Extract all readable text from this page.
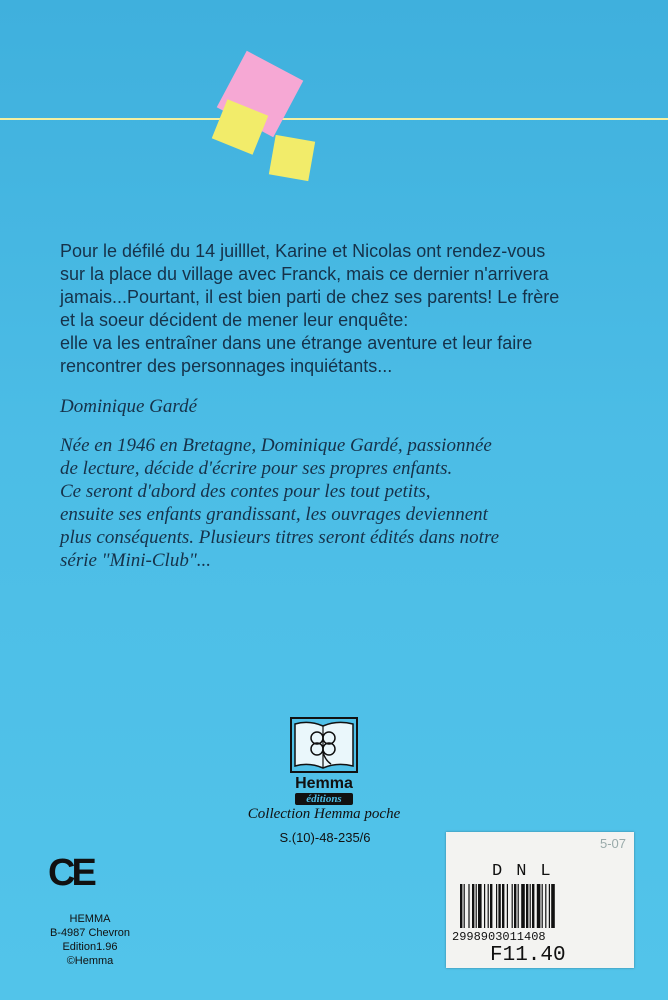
Pour le défilé du 14 juilllet, Karine et Nicolas ont rendez-vous

sur la place du village avec Franck, mais ce dernier n'arrivera

jamais...Pourtant, il est bien parti de chez ses parents! Le frère

et la soeur décident de mener leur enquête:

elle va les entraîner dans une étrange aventure et leur faire

rencontrer des personnages inquiétants...

Dominique Gardé

Née en 1946 en Bretagne, Dominique Gardé, passionnée

de lecture, décide d'écrire pour ses propres enfants.

Ce seront d'abord des contes pour les tout petits,

ensuite ses enfants grandissant, les ouvrages deviennent

plus conséquents. Plusieurs titres seront édités dans notre

série "Mini-Club"...

Hemma
éditions
Collection Hemma poche
S.(10)-48-235/6
CE
HEMMA
B-4987 Chevron
Edition1.96
©Hemma
5-07
DNL
2998903011408
F11.40
